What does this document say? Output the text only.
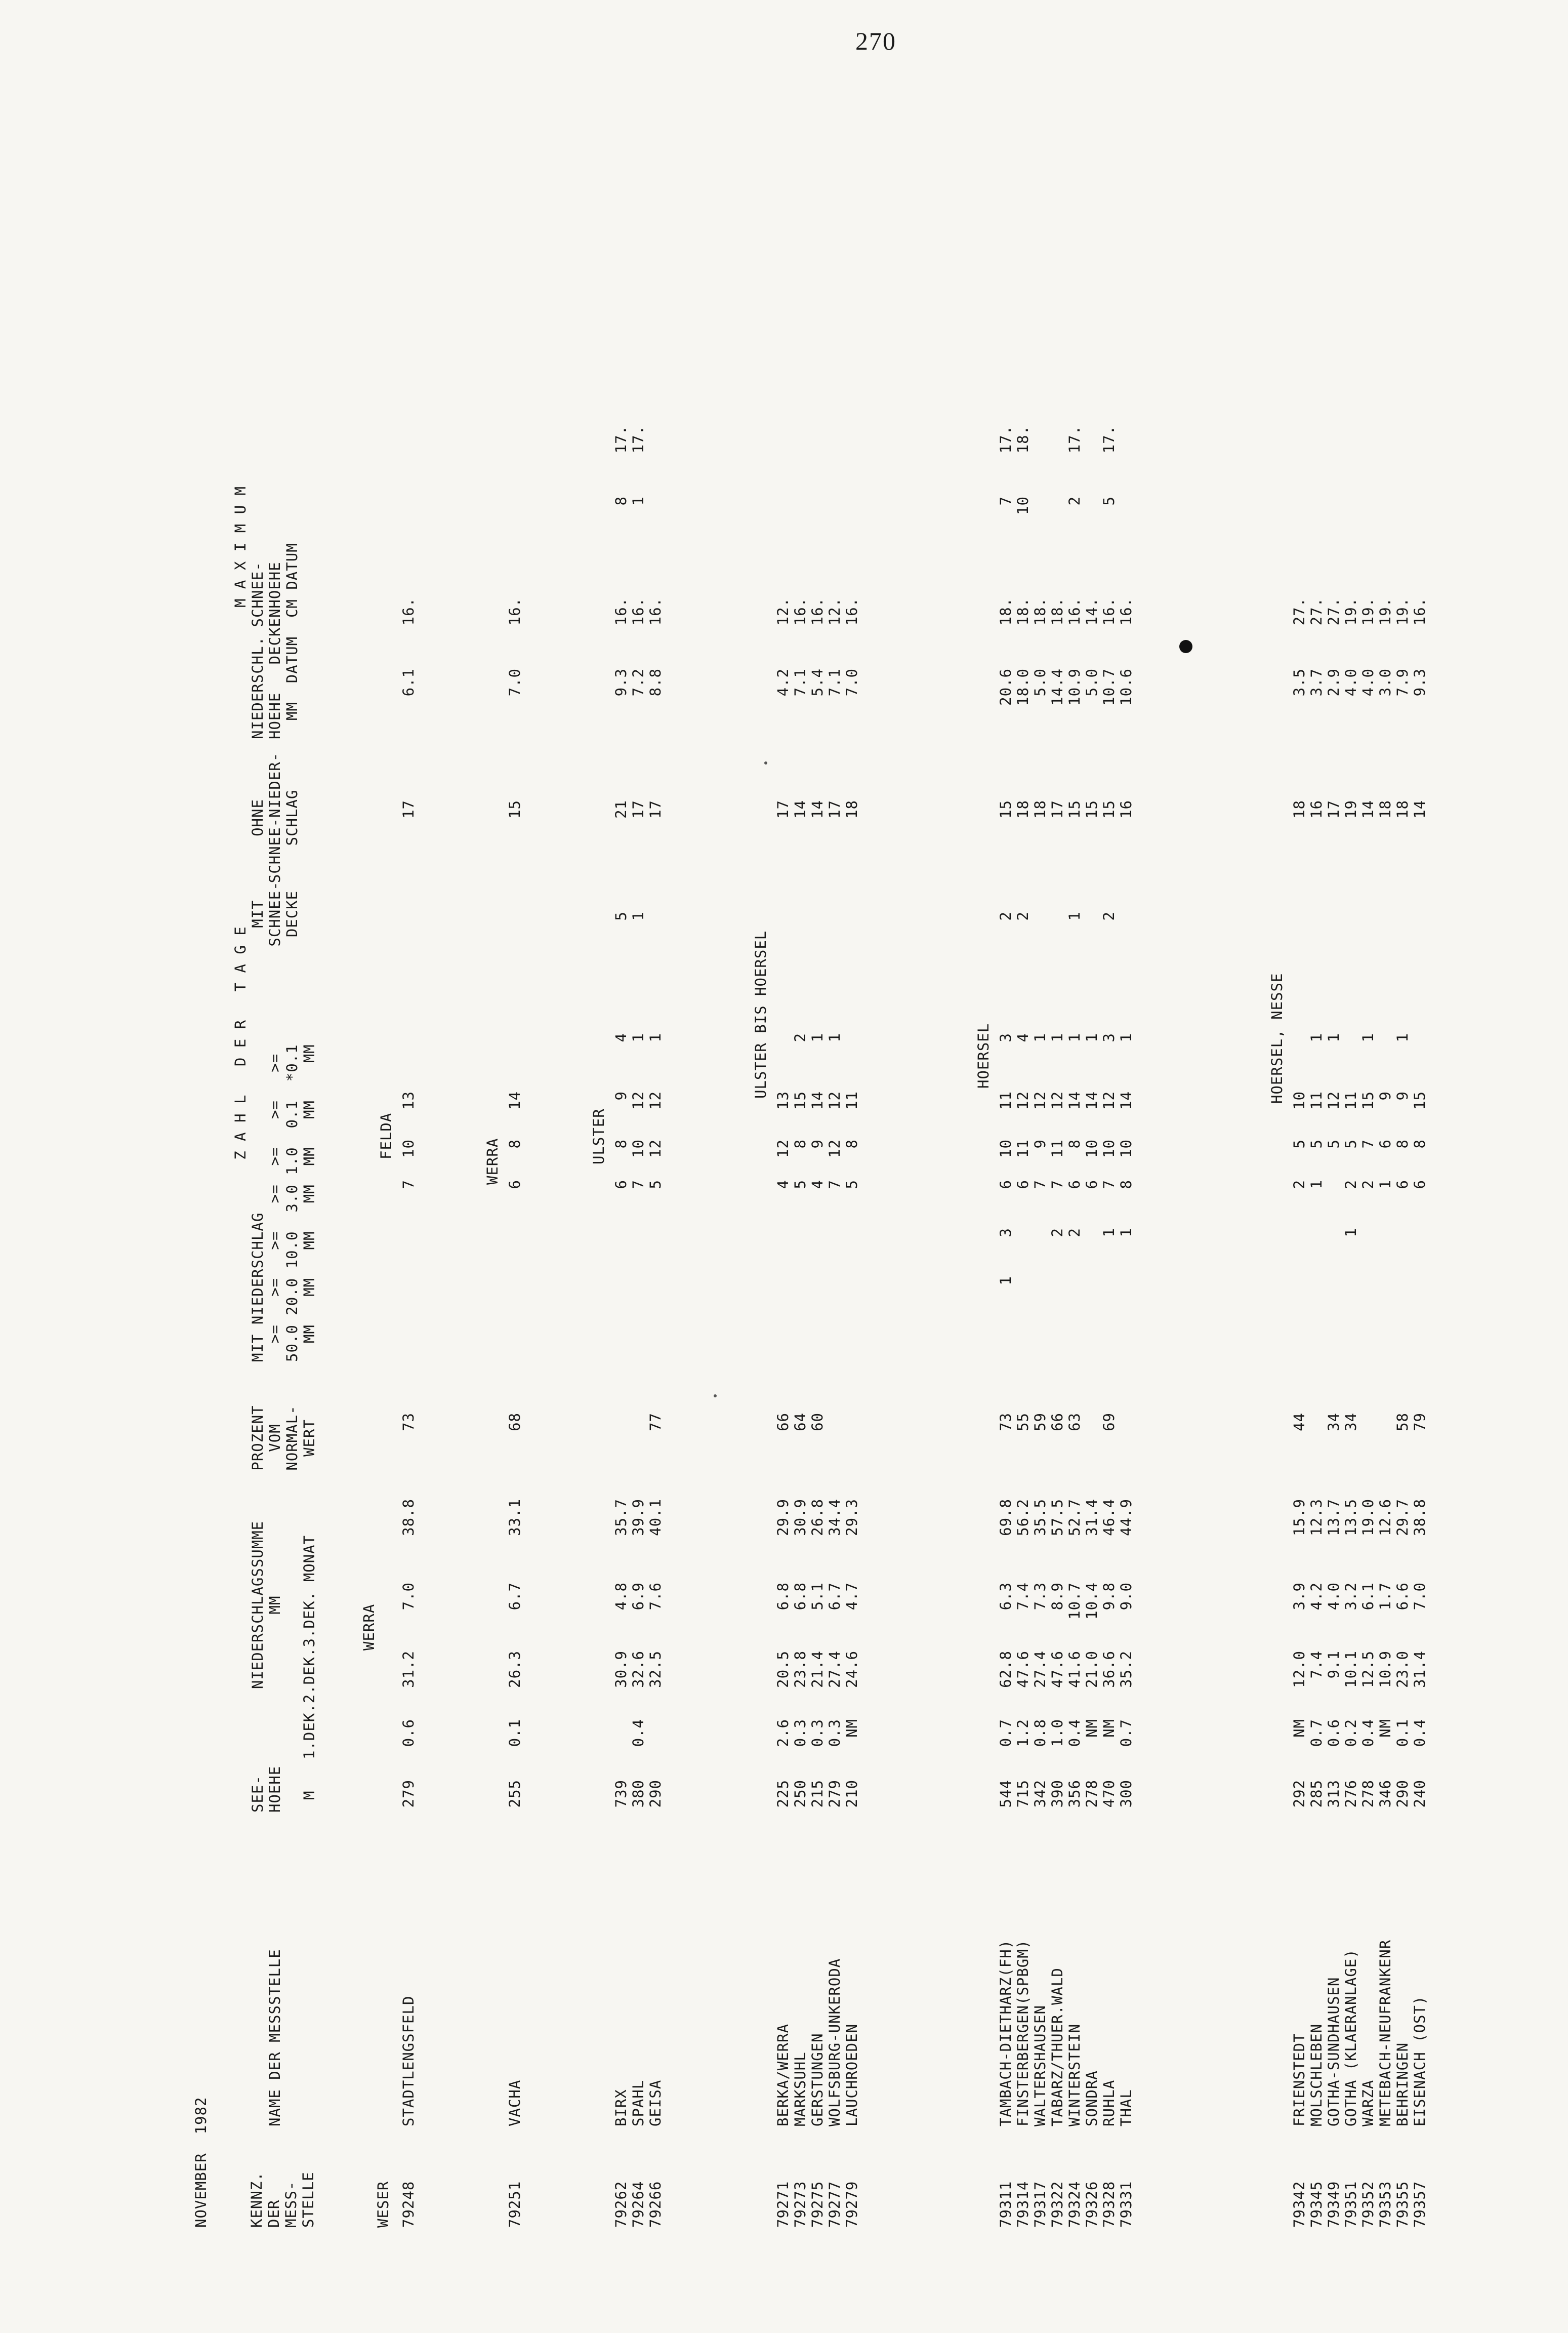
270
NOVEMBER  1982	KENNZ.
DER
MESS-
STELLE
NAME DER MESSSTELLE
SEE-
HOEHE M
NIEDERSCHLAGSSUMME
MM 1.DEK.2.DEK.3.DEK. MONAT
PROZENT
VOM
NORMAL-
WERT
Z A H L   D E R   T A G E
MIT NIEDERSCHLAG >=   >=   >=   >=  >=   >=   >=
50.0 20.0 10.0  3.0 1.0  0.1  *0.1
MM   MM   MM   MM  MM   MM    MM
MIT
SCHNEE-
DECKE
OHNE
SCHNEE-NIEDER-
SCHLAG
M A X I M U M
NIEDERSCHL. SCHNEE-
HOEHE   DECKENHOEHE
MM  DATUM  CM DATUM
WESER
FELDA
WERRA
79248
STADTLENGSFELD
279
0.6
31.2
7.0
38.8
73
7
10
13
17
6.1
16.
WERRA
79251
VACHA
255
0.1
26.3
6.7
33.1
68
6
8
14
15
7.0
16.
ULSTER
79262
BIRX
739
30.9
4.8
35.7
6
8
9
4
5
21
9.3
16.
8
17.
79264
SPAHL
380
0.4
32.6
6.9
39.9
7
10
12
1
1
17
7.2
16.
1
17.
79266
GEISA
290
32.5
7.6
40.1
77
5
12
12
1
17
8.8
16.
ULSTER BIS HOERSEL
79271
BERKA/WERRA
225
2.6
20.5
6.8
29.9
66
4
12
13
17
4.2
12.
79273
MARKSUHL
250
0.3
23.8
6.8
30.9
64
5
8
15
2
14
7.1
16.
79275
GERSTUNGEN
215
0.3
21.4
5.1
26.8
60
4
9
14
1
14
5.4
16.
79277
WOLFSBURG-UNKERODA
279
0.3
27.4
6.7
34.4
7
12
12
1
17
7.1
12.
79279
LAUCHROEDEN
210
NM
24.6
4.7
29.3
5
8
11
18
7.0
16.
HOERSEL
79311
TAMBACH-DIETHARZ(FH)
544
0.7
62.8
6.3
69.8
73
1
3
6
10
11
3
2
15
20.6
18.
7
17.
79314
FINSTERBERGEN(SPBGM)
715
1.2
47.6
7.4
56.2
55
6
11
12
4
2
18
18.0
18.
10
18.
79317
WALTERSHAUSEN
342
0.8
27.4
7.3
35.5
59
7
9
12
1
18
5.0
18.
79322
TABARZ/THUER.WALD
390
1.0
47.6
8.9
57.5
66
2
7
11
12
1
17
14.4
18.
79324
WINTERSTEIN
356
0.4
41.6
10.7
52.7
63
2
6
8
14
1
1
15
10.9
16.
2
17.
79326
SONDRA
278
NM
21.0
10.4
31.4
6
10
14
1
15
5.0
14.
79328
RUHLA
470
NM
36.6
9.8
46.4
69
1
7
10
12
3
2
15
10.7
16.
5
17.
79331
THAL
300
0.7
35.2
9.0
44.9
1
8
10
14
1
16
10.6
16.
HOERSEL, NESSE
79342
FRIENSTEDT
292
NM
12.0
3.9
15.9
44
2
5
10
18
3.5
27.
79345
MOLSCHLEBEN
285
0.7
7.4
4.2
12.3
1
5
11
1
16
3.7
27.
79349
GOTHA-SUNDHAUSEN
313
0.6
9.1
4.0
13.7
34
5
12
1
17
2.9
27.
79351
GOTHA (KLAERANLAGE)
276
0.2
10.1
3.2
13.5
34
1
2
5
11
19
4.0
19.
79352
WARZA
278
0.4
12.5
6.1
19.0
2
7
15
1
14
4.0
19.
79353
METEBACH-NEUFRANKENR
346
NM
10.9
1.7
12.6
1
6
9
18
3.0
19.
79355
BEHRINGEN
290
0.1
23.0
6.6
29.7
58
6
8
9
1
18
7.9
19.
79357
EISENACH (OST)
240
0.4
31.4
7.0
38.8
79
6
8
15
14
9.3
16.
